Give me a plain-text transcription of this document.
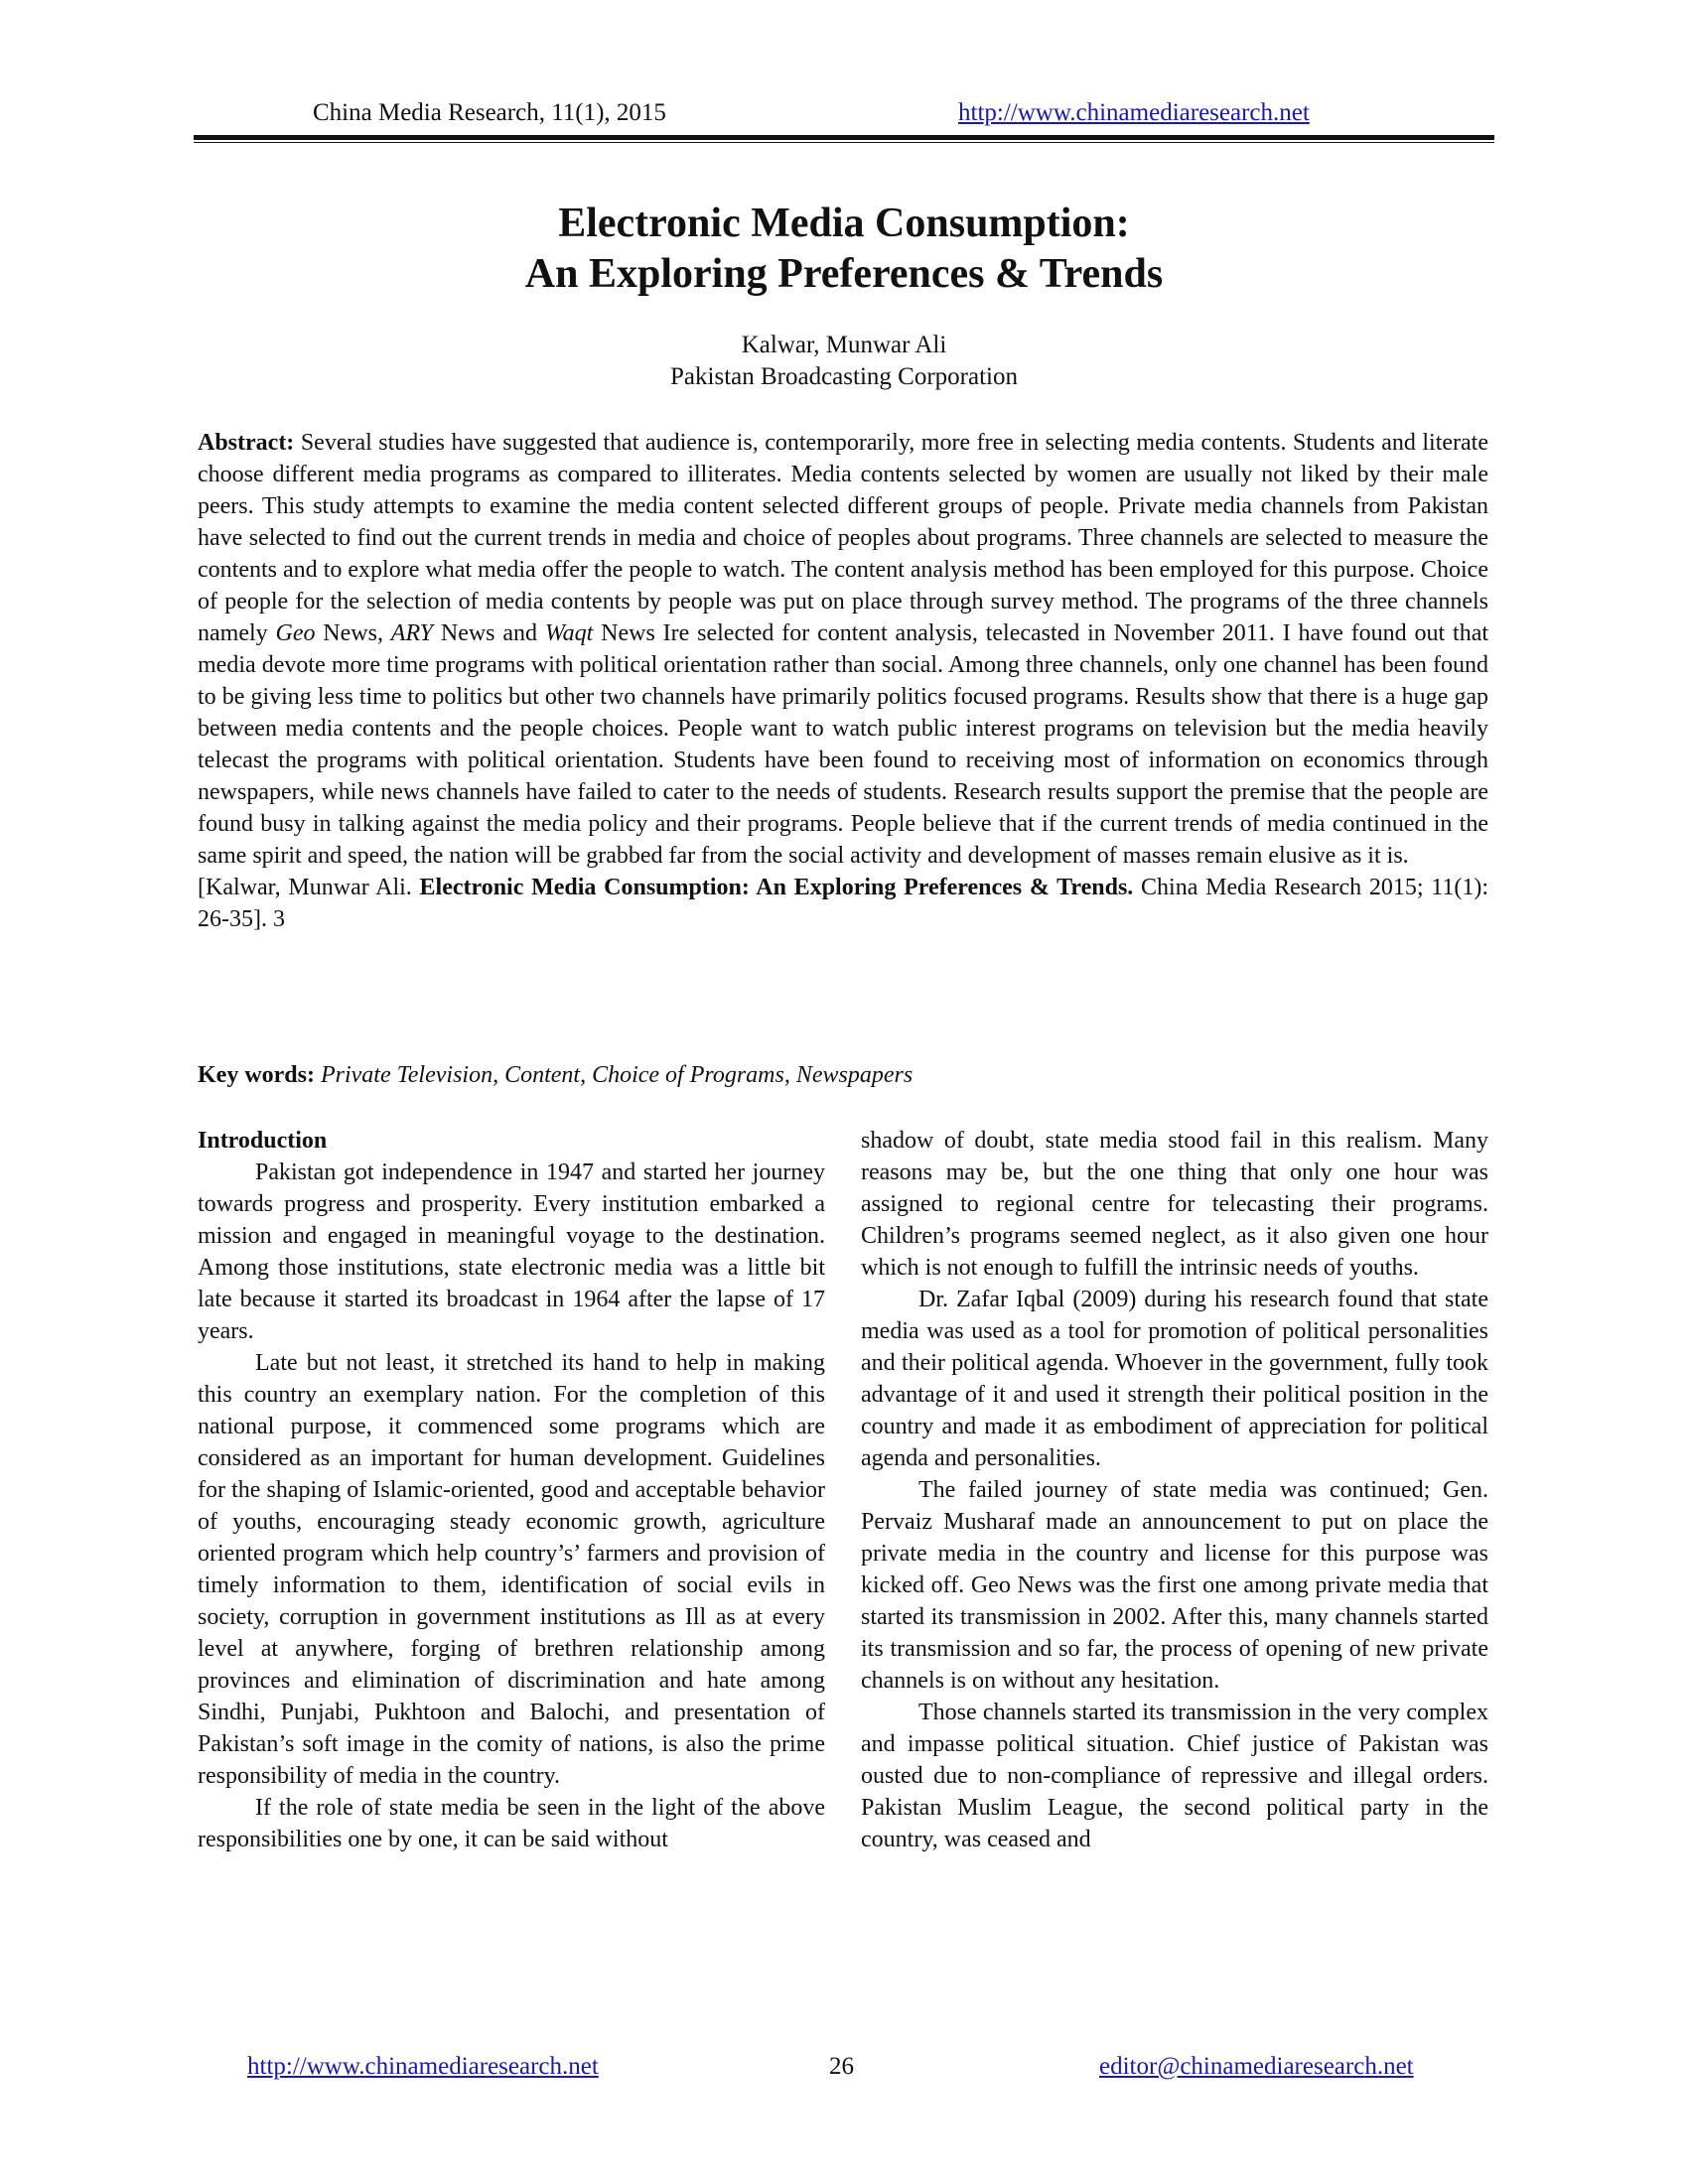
China Media Research, 11(1), 2015	http://www.chinamediaresearch.net
Electronic Media Consumption:
An Exploring Preferences & Trends
Kalwar, Munwar Ali
Pakistan Broadcasting Corporation

Abstract: Several studies have suggested that audience is, contemporarily, more free in selecting media contents. Students and literate choose different media programs as compared to illiterates. Media contents selected by women are usually not liked by their male peers. This study attempts to examine the media content selected different groups of people. Private media channels from Pakistan have selected to find out the current trends in media and choice of peoples about programs. Three channels are selected to measure the contents and to explore what media offer the people to watch. The content analysis method has been employed for this purpose. Choice of people for the selection of media contents by people was put on place through survey method. The programs of the three channels namely Geo News, ARY News and Waqt News Ire selected for content analysis, telecasted in November 2011. I have found out that media devote more time programs with political orientation rather than social. Among three channels, only one channel has been found to be giving less time to politics but other two channels have primarily politics focused programs. Results show that there is a huge gap between media contents and the people choices. People want to watch public interest programs on television but the media heavily telecast the programs with political orientation. Students have been found to receiving most of information on economics through newspapers, while news channels have failed to cater to the needs of students. Research results support the premise that the people are found busy in talking against the media policy and their programs. People believe that if the current trends of media continued in the same spirit and speed, the nation will be grabbed far from the social activity and development of masses remain elusive as it is.

[Kalwar, Munwar Ali. Electronic Media Consumption: An Exploring Preferences & Trends. China Media Research 2015; 11(1): 26-35]. 3

Key words: Private Television, Content, Choice of Programs, Newspapers

Introduction

Pakistan got independence in 1947 and started her journey towards progress and prosperity. Every institution embarked a mission and engaged in meaningful voyage to the destination. Among those institutions, state electronic media was a little bit late because it started its broadcast in 1964 after the lapse of 17 years.

Late but not least, it stretched its hand to help in making this country an exemplary nation. For the completion of this national purpose, it commenced some programs which are considered as an important for human development. Guidelines for the shaping of Islamic-oriented, good and acceptable behavior of youths, encouraging steady economic growth, agriculture oriented program which help country’s’ farmers and provision of timely information to them, identification of social evils in society, corruption in government institutions as Ill as at every level at anywhere, forging of brethren relationship among provinces and elimination of discrimination and hate among Sindhi, Punjabi, Pukhtoon and Balochi, and presentation of Pakistan’s soft image in the comity of nations, is also the prime responsibility of media in the country.

If the role of state media be seen in the light of the above responsibilities one by one, it can be said without

shadow of doubt, state media stood fail in this realism. Many reasons may be, but the one thing that only one hour was assigned to regional centre for telecasting their programs. Children’s programs seemed neglect, as it also given one hour which is not enough to fulfill the intrinsic needs of youths.

Dr. Zafar Iqbal (2009) during his research found that state media was used as a tool for promotion of political personalities and their political agenda. Whoever in the government, fully took advantage of it and used it strength their political position in the country and made it as embodiment of appreciation for political agenda and personalities.

The failed journey of state media was continued; Gen. Pervaiz Musharaf made an announcement to put on place the private media in the country and license for this purpose was kicked off. Geo News was the first one among private media that started its transmission in 2002. After this, many channels started its transmission and so far, the process of opening of new private channels is on without any hesitation.

Those channels started its transmission in the very complex and impasse political situation. Chief justice of Pakistan was ousted due to non-compliance of repressive and illegal orders. Pakistan Muslim League, the second political party in the country, was ceased and

http://www.chinamediaresearch.net	26	editor@chinamediaresearch.net
